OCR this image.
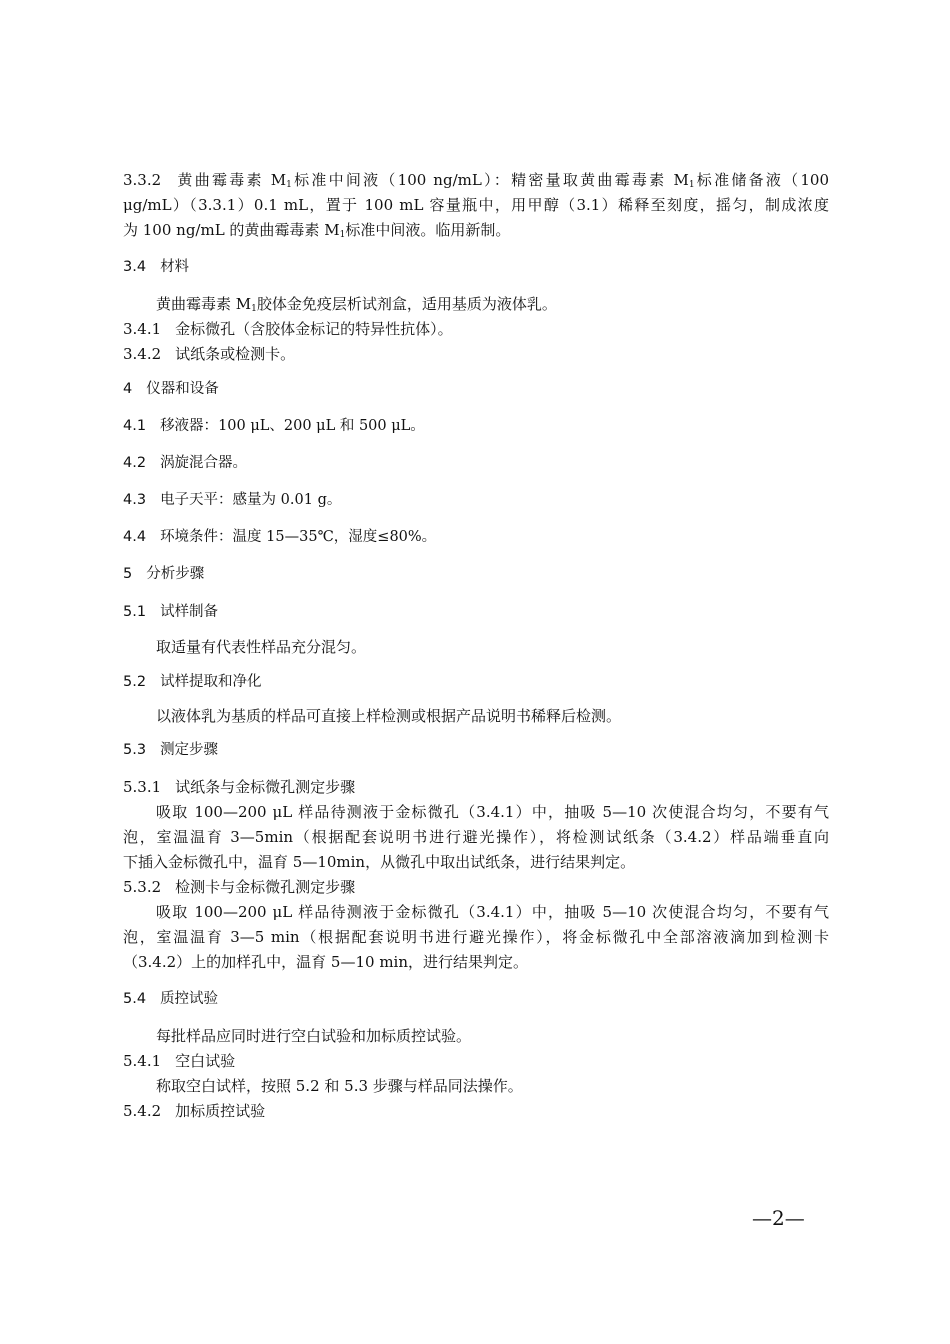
3.3.2 黄曲霉毒素 $M_1$标准中间液（100 ng/mL）：精密量取黄曲霉毒素 $M_1$标准储备液（100
μg/mL）（3.3.1）0.1 mL，置于 100 mL 容量瓶中，用甲醇（3.1）稀释至刻度，摇匀，制成浓度
为 100 ng/mL 的黄曲霉毒素 $M_1$标准中间液。临用新制。
3.4 材料
黄曲霉毒素 $M_1$胶体金免疫层析试剂盒，适用基质为液体乳。
3.4.1 金标微孔（含胶体金标记的特异性抗体）。
3.4.2 试纸条或检测卡。
4 仪器和设备
4.1 移液器：100 μL、200 μL 和 500 μL。
4.2 涡旋混合器。
4.3 电子天平：感量为 0.01 g。
4.4 环境条件：温度 15—35℃，湿度≤80%。
5 分析步骤
5.1 试样制备
取适量有代表性样品充分混匀。
5.2 试样提取和净化
以液体乳为基质的样品可直接上样检测或根据产品说明书稀释后检测。
5.3 测定步骤
5.3.1 试纸条与金标微孔测定步骤
吸取 100—200 μL 样品待测液于金标微孔（3.4.1）中，抽吸 5—10 次使混合均匀，不要有气
泡，室温温育 3—5min（根据配套说明书进行避光操作），将检测试纸条（3.4.2）样品端垂直向
下插入金标微孔中，温育 5—10min，从微孔中取出试纸条，进行结果判定。
5.3.2 检测卡与金标微孔测定步骤
吸取 100—200 μL 样品待测液于金标微孔（3.4.1）中，抽吸 5—10 次使混合均匀，不要有气
泡，室温温育 3—5 min（根据配套说明书进行避光操作），将金标微孔中全部溶液滴加到检测卡
（3.4.2）上的加样孔中，温育 5—10 min，进行结果判定。
5.4 质控试验
每批样品应同时进行空白试验和加标质控试验。
5.4.1 空白试验
称取空白试样，按照 5.2 和 5.3 步骤与样品同法操作。
5.4.2 加标质控试验
—2—
